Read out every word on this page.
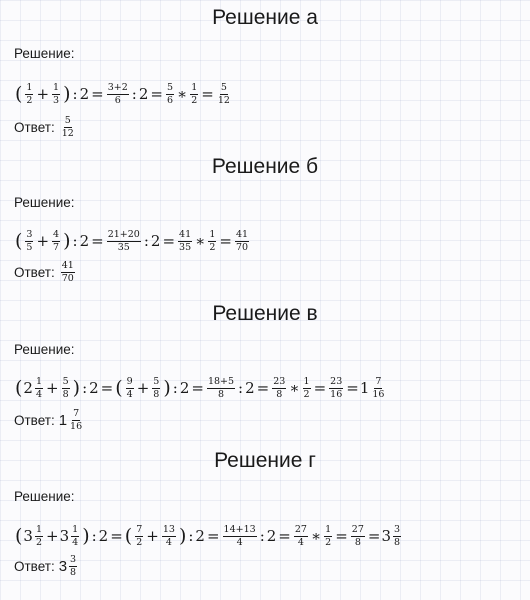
Решение а
Решение:
( $\frac{1}{2} + \frac{1}{3}$ ) : $2 = \frac{3+2}{6}$ : $2 = \frac{5}{6}$ ∗ $\frac{1}{2} = \frac{5}{12}$
Ответ: $\frac{5}{12}$
Решение б
Решение:
( $\frac{3}{5} + \frac{4}{7}$ ) : $2 = \frac{21+20}{35}$ : $2 = \frac{41}{35}$ ∗ $\frac{1}{2} = \frac{41}{70}$
Ответ: $\frac{41}{70}$
Решение в
Решение:
( $2 \frac{1}{4} + \frac{5}{8}$ ) : 2 = ( $\frac{9}{4} + \frac{5}{8}$ ) : $2 = \frac{18+5}{8}$ : $2 = \frac{23}{8}$ ∗ $\frac{1}{2} = \frac{23}{16} = 1 \frac{7}{16}$
Ответ: $1 \frac{7}{16}$
Решение г
Решение:
( $3 \frac{1}{2} + 3 \frac{1}{4}$ ) : 2 = ( $\frac{7}{2} + \frac{13}{4}$ ) : $2 = \frac{14+13}{4}$ : $2 = \frac{27}{4}$ ∗ $\frac{1}{2} = \frac{27}{8} = 3 \frac{3}{8}$
Ответ: $3 \frac{3}{8}$
